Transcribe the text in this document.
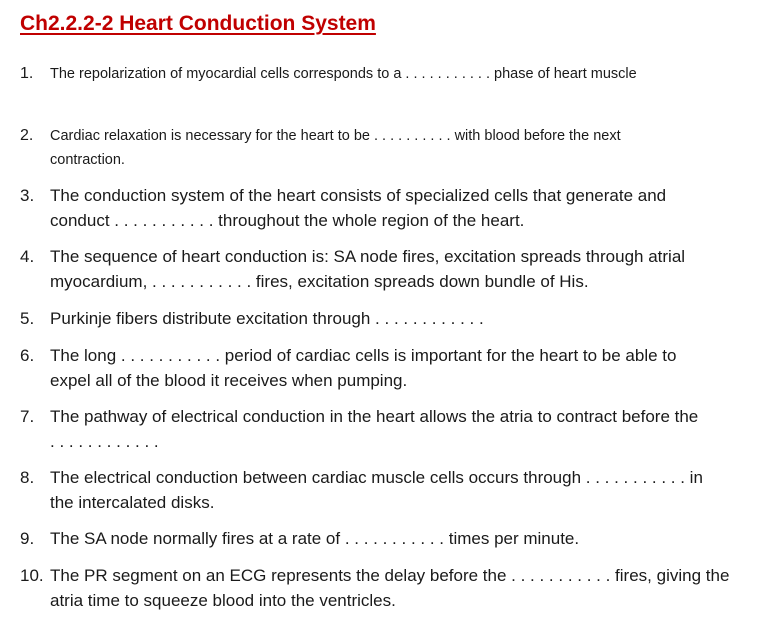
Ch2.2.2-2 Heart Conduction System
1.	The repolarization of myocardial cells corresponds to a . . . . . . . . . . . phase of heart muscle
2.	Cardiac relaxation is necessary for the heart to be . . . . . . . . . . with blood before the next
contraction.
3. The conduction system of the heart consists of specialized cells that generate and
conduct . . . . . . . . . . . throughout the whole region of the heart.
4. The sequence of heart conduction is: SA node fires, excitation spreads through atrial
myocardium, . . . . . . . . . . . fires, excitation spreads down bundle of His.
5. Purkinje fibers distribute excitation through . . . . . . . . . . . .
6. The long . . . . . . . . . . . period of cardiac cells is important for the heart to be able to
expel all of the blood it receives when pumping.
7. The pathway of electrical conduction in the heart allows the atria to contract before the
. . . . . . . . . . . .
8. The electrical conduction between cardiac muscle cells occurs through . . . . . . . . . . . in
the intercalated disks.
9. The SA node normally fires at a rate of . . . . . . . . . . . times per minute.
10. The PR segment on an ECG represents the delay before the . . . . . . . . . . . fires, giving the
atria time to squeeze blood into the ventricles.
